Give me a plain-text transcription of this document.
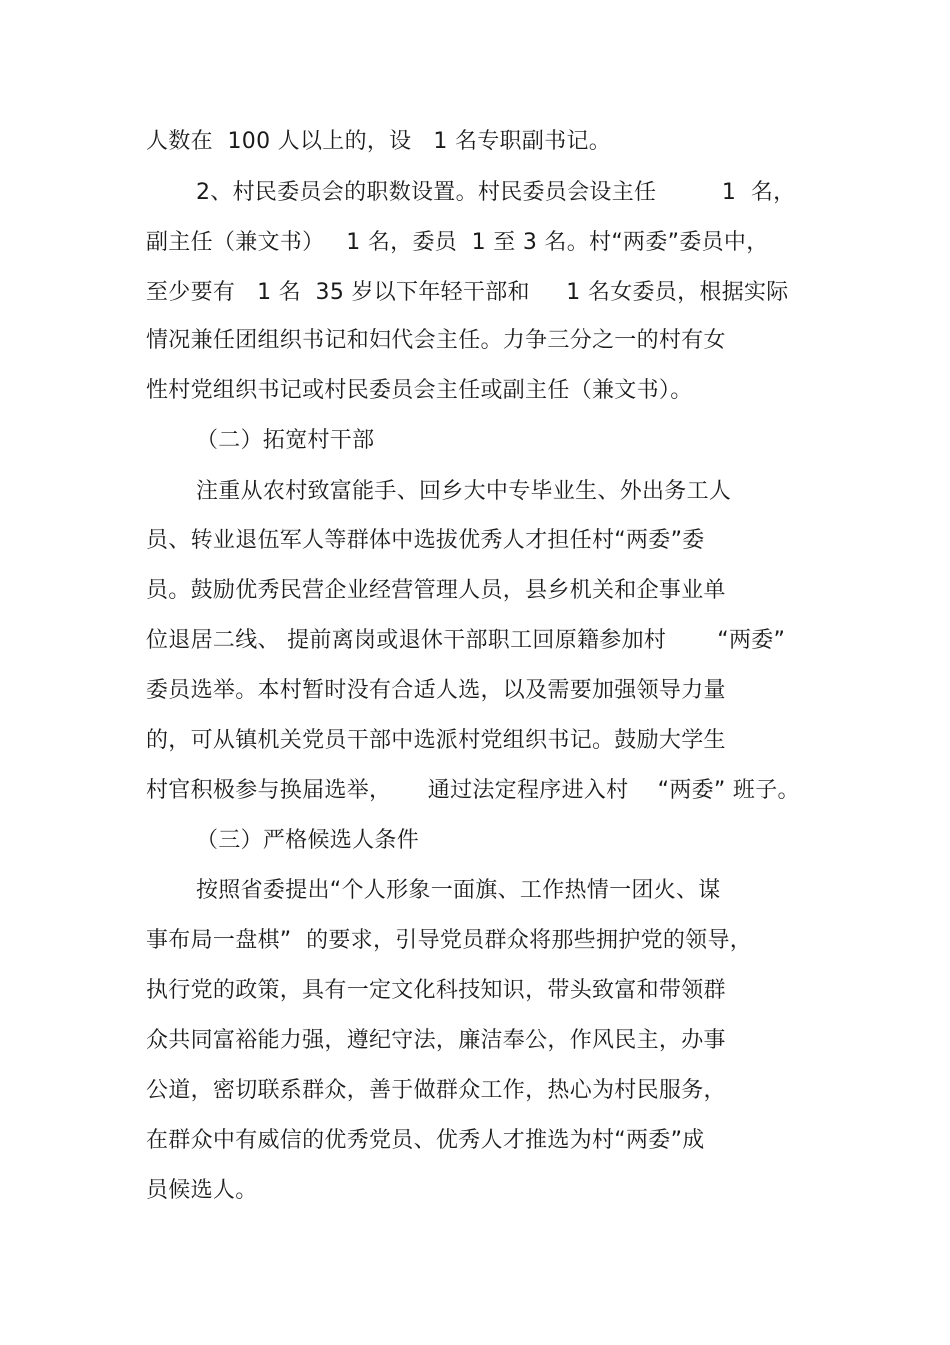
人数在  100 人以上的，设   1 名专职副书记。
2、村民委员会的职数设置。村民委员会设主任         1  名，
副主任（兼文书）   1 名，委员  1 至 3 名。村“两委”委员中，
至少要有   1 名  35 岁以下年轻干部和     1 名女委员，根据实际
情况兼任团组织书记和妇代会主任。力争三分之一的村有女
性村党组织书记或村民委员会主任或副主任（兼文书）。
（二）拓宽村干部
注重从农村致富能手、回乡大中专毕业生、外出务工人
员、转业退伍军人等群体中选拔优秀人才担任村“两委”委
员。鼓励优秀民营企业经营管理人员，县乡机关和企事业单
位退居二线、 提前离岗或退休干部职工回原籍参加村       “两委”
委员选举。本村暂时没有合适人选，以及需要加强领导力量
的，可从镇机关党员干部中选派村党组织书记。鼓励大学生
村官积极参与换届选举，     通过法定程序进入村    “两委” 班子。
（三）严格候选人条件
按照省委提出“个人形象一面旗、工作热情一团火、谋
事布局一盘棋”  的要求，引导党员群众将那些拥护党的领导，
执行党的政策，具有一定文化科技知识，带头致富和带领群
众共同富裕能力强，遵纪守法，廉洁奉公，作风民主，办事
公道，密切联系群众，善于做群众工作，热心为村民服务，
在群众中有威信的优秀党员、优秀人才推选为村“两委”成
员候选人。
